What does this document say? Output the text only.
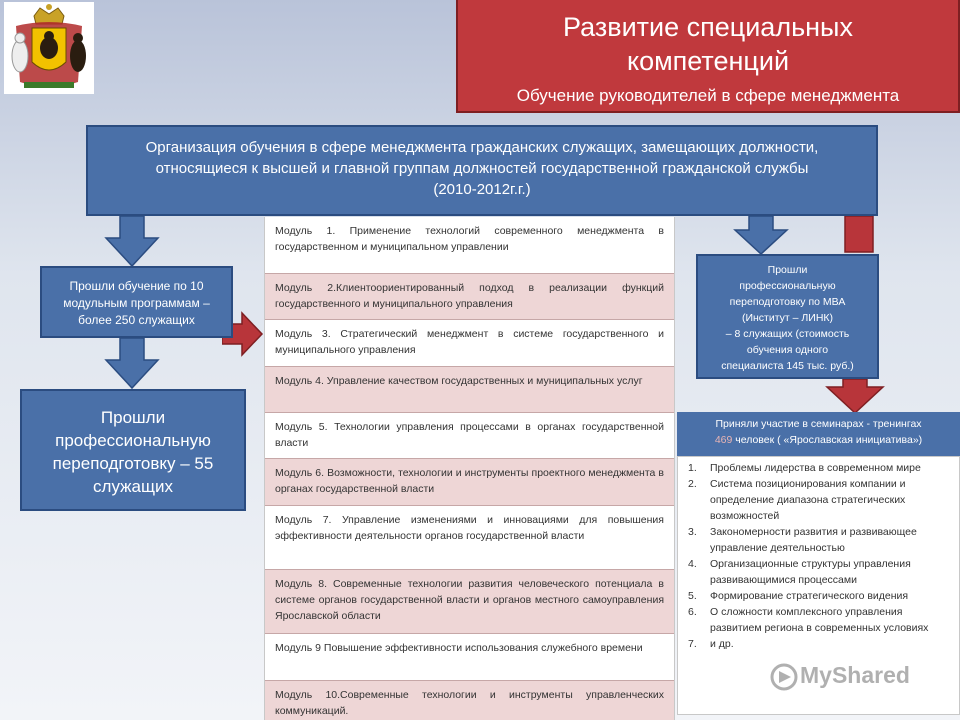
Развитие специальных
компетенций
Обучение руководителей в сфере менеджмента
Организация обучения в сфере менеджмента гражданских служащих, замещающих должности,
относящиеся к высшей и главной группам должностей государственной гражданской службы
(2010-2012г.г.)
Прошли обучение по 10
модульным программам –
более 250 служащих
Прошли
профессиональную
переподготовку – 55
служащих
Модуль 1. Применение технологий современного менеджмента в государственном и муниципальном управлении
Модуль 2.Клиентоориентированный подход в реализации функций государственного и муниципального управления
Модуль 3. Стратегический менеджмент в системе государственного и муниципального управления
Модуль 4. Управление качеством государственных и муниципальных услуг
Модуль 5. Технологии управления процессами в органах государственной власти
Модуль 6. Возможности, технологии и инструменты проектного менеджмента в органах государственной власти
Модуль 7. Управление изменениями и инновациями для повышения эффективности деятельности органов государственной власти
Модуль 8. Современные технологии развития человеческого потенциала в системе органов государственной власти и органов местного самоуправления Ярославской области
Модуль 9 Повышение эффективности использования служебного времени
Модуль 10.Современные технологии и инструменты управленческих коммуникаций.
Прошли
профессиональную
переподготовку по МВА
(Институт – ЛИНК)
– 8 служащих (стоимость
обучения одного
специалиста 145 тыс. руб.)
Приняли участие в семинарах - тренингах
469 человек ( «Ярославская инициатива»)
1.	Проблемы лидерства в современном мире
2.	Система позиционирования компании и определение диапазона стратегических возможностей
3.	Закономерности развития и развивающее управление деятельностью
4.	Организационные структуры управления развивающимися процессами
5.	Формирование стратегического видения
6.	О сложности комплексного управления развитием региона в современных условиях
7.	и др.
MyShared
